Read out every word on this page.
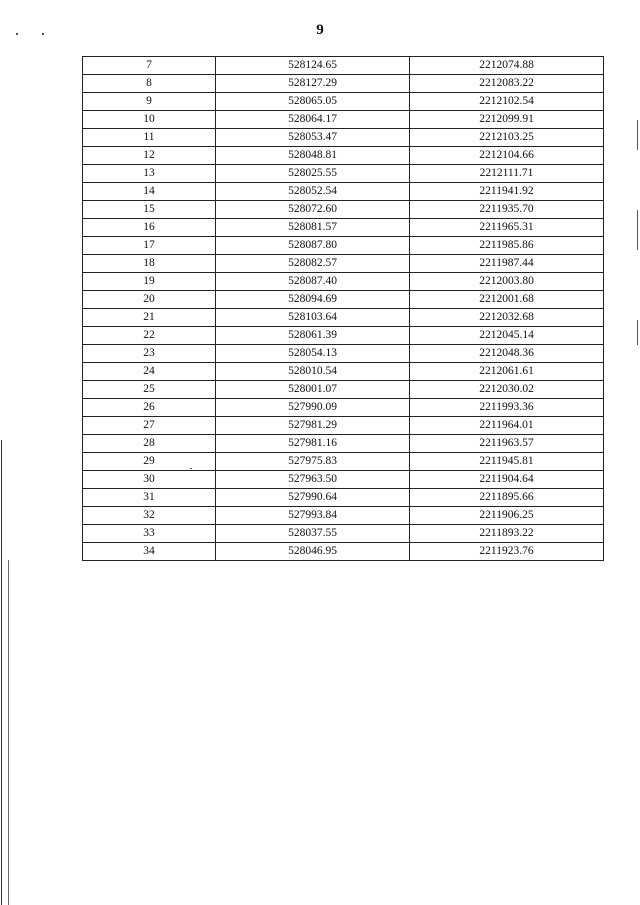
9
7	528124.65	2212074.88
8	528127.29	2212083.22
9	528065.05	2212102.54
10	528064.17	2212099.91
11	528053.47	2212103.25
12	528048.81	2212104.66
13	528025.55	2212111.71
14	528052.54	2211941.92
15	528072.60	2211935.70
16	528081.57	2211965.31
17	528087.80	2211985.86
18	528082.57	2211987.44
19	528087.40	2212003.80
20	528094.69	2212001.68
21	528103.64	2212032.68
22	528061.39	2212045.14
23	528054.13	2212048.36
24	528010.54	2212061.61
25	528001.07	2212030.02
26	527990.09	2211993.36
27	527981.29	2211964.01
28	527981.16	2211963.57
29	527975.83	2211945.81
30	527963.50	2211904.64
31	527990.64	2211895.66
32	527993.84	2211906.25
33	528037.55	2211893.22
34	528046.95	2211923.76
